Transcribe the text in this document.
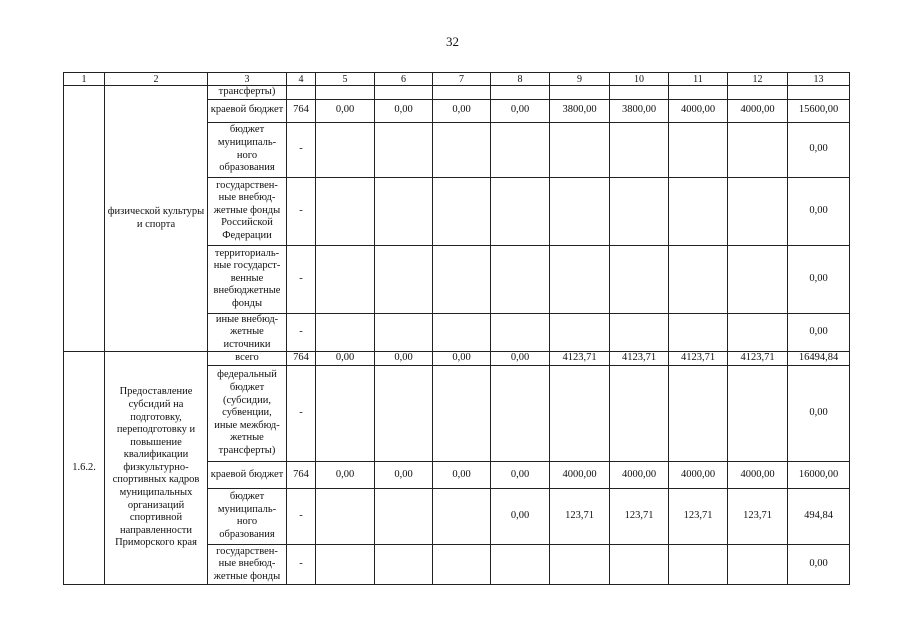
32
1	2	3	4	5	6	7	8	9	10	11	12	13
	физической культуры и спорта	трансферты)										
		краевой бюджет	764	0,00	0,00	0,00	0,00	3800,00	3800,00	4000,00	4000,00	15600,00
		бюджет муниципаль-ного образования	-									0,00
		государствен-ные внебюд-жетные фонды Российской Федерации	-									0,00
		территориаль-ные государст-венные внебюджетные фонды	-									0,00
		иные внебюд-жетные источники	-									0,00
1.6.2.	Предоставление субсидий на подготовку, переподготовку и повышение квалификации физкультурно-спортивных кадров муниципальных организаций спортивной направленности Приморского края	всего	764	0,00	0,00	0,00	0,00	4123,71	4123,71	4123,71	4123,71	16494,84
		федеральный бюджет (субсидии, субвенции, иные межбюд-жетные трансферты)	-									0,00
		краевой бюджет	764	0,00	0,00	0,00	0,00	4000,00	4000,00	4000,00	4000,00	16000,00
		бюджет муниципаль-ного образования	-				0,00	123,71	123,71	123,71	123,71	494,84
		государствен-ные внебюд-жетные фонды	-									0,00
